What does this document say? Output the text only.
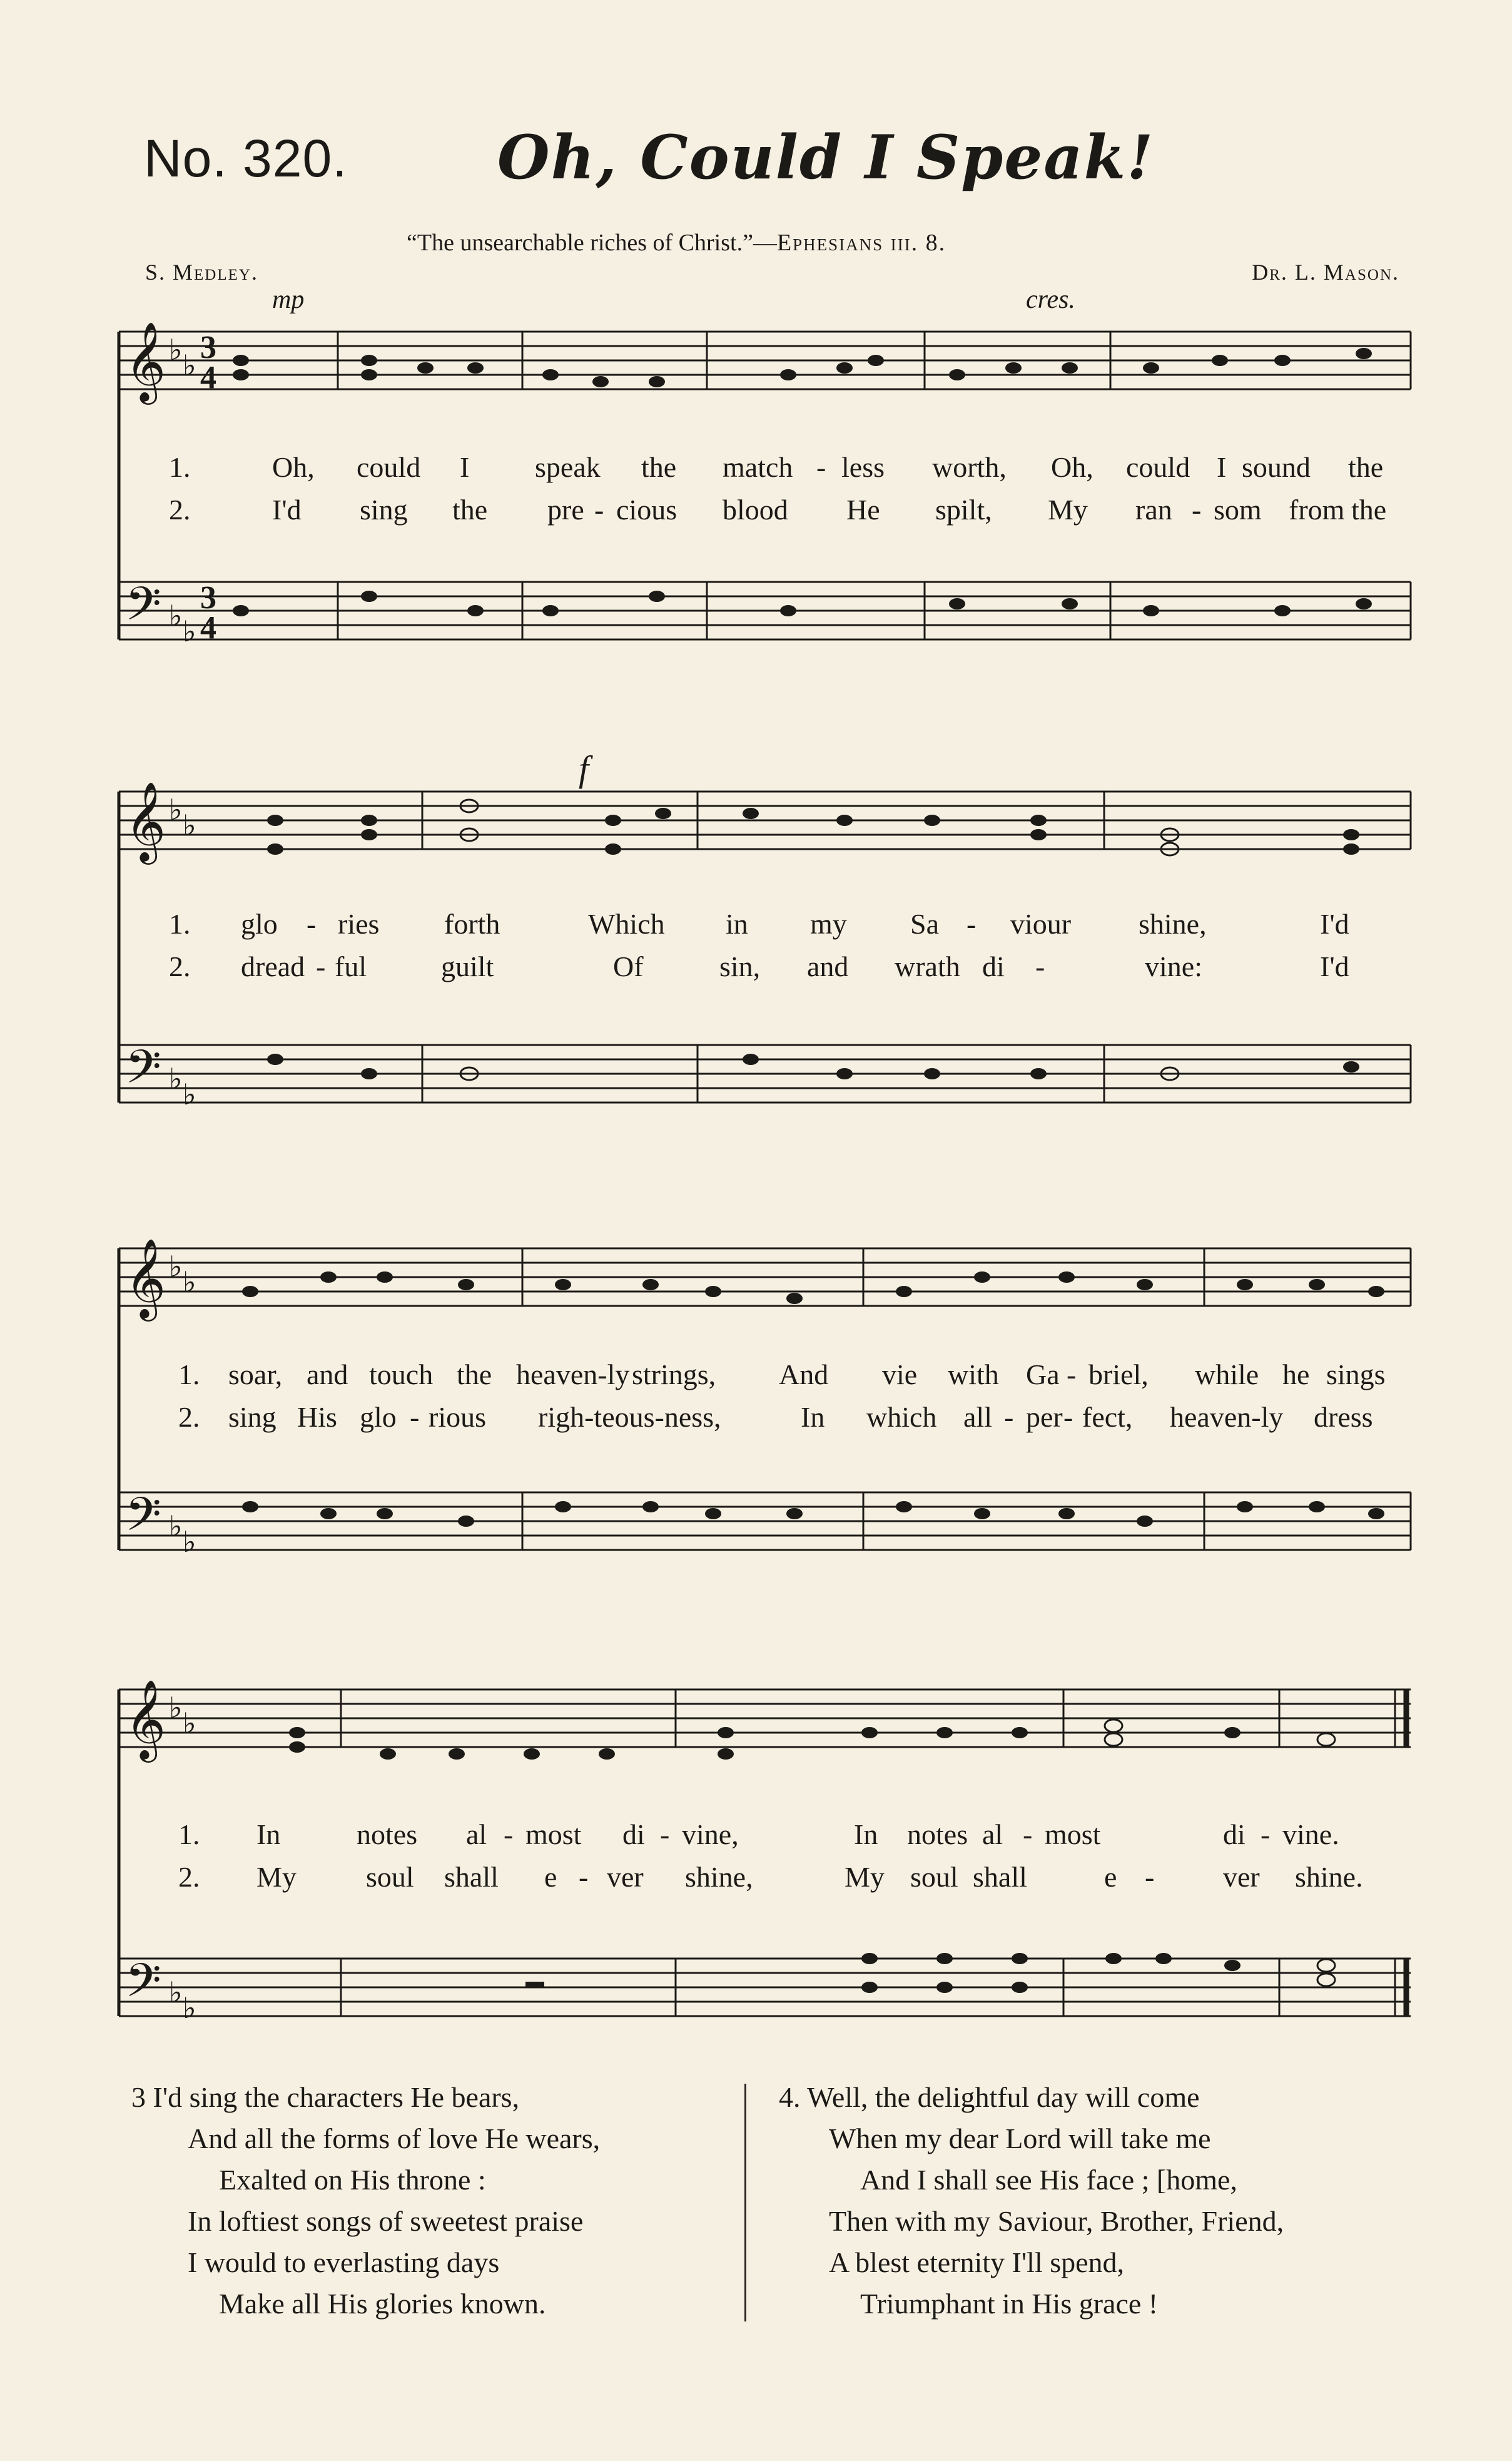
No. 320. Oh, Could I Speak!
“The unsearchable riches of Christ.”—Ephesians iii. 8.
S. Medley.	Dr. L. Mason.
mp	cres.
f
𝄞
𝄢
♭ ♭
♭ ♭
3
4
3
4
1.	Oh, could I speak the match - less worth, Oh, could I sound the
2.	I'd sing the pre - cious blood He spilt, My ran - som from the
𝄞
𝄢
♭ ♭
♭ ♭
1. glo - ries forth	Which in my Sa - viour shine,	I'd
2. dread - ful	guilt	Of	sin, and wrath di -	vine:	I'd
𝄞
𝄢
♭ ♭
♭ ♭
1. soar, and touch the heaven-ly strings, And vie with Ga - briel, while he sings
2. sing His glo - rious righ-teous-ness,	In which all - per - fect, heaven-ly dress
𝄞
𝄢
♭ ♭
♭ ♭
1. In	notes al - most di - vine,	In notes al - most	di - vine.
2. My soul shall e - ver shine,	My soul shall	e - ver shine.
3 I'd sing the characters He bears,
And all the forms of love He wears,
Exalted on His throne :
In loftiest songs of sweetest praise
I would to everlasting days
Make all His glories known.
4. Well, the delightful day will come
When my dear Lord will take me
And I shall see His face ; [home,
Then with my Saviour, Brother, Friend,
A blest eternity I'll spend,
Triumphant in His grace !
